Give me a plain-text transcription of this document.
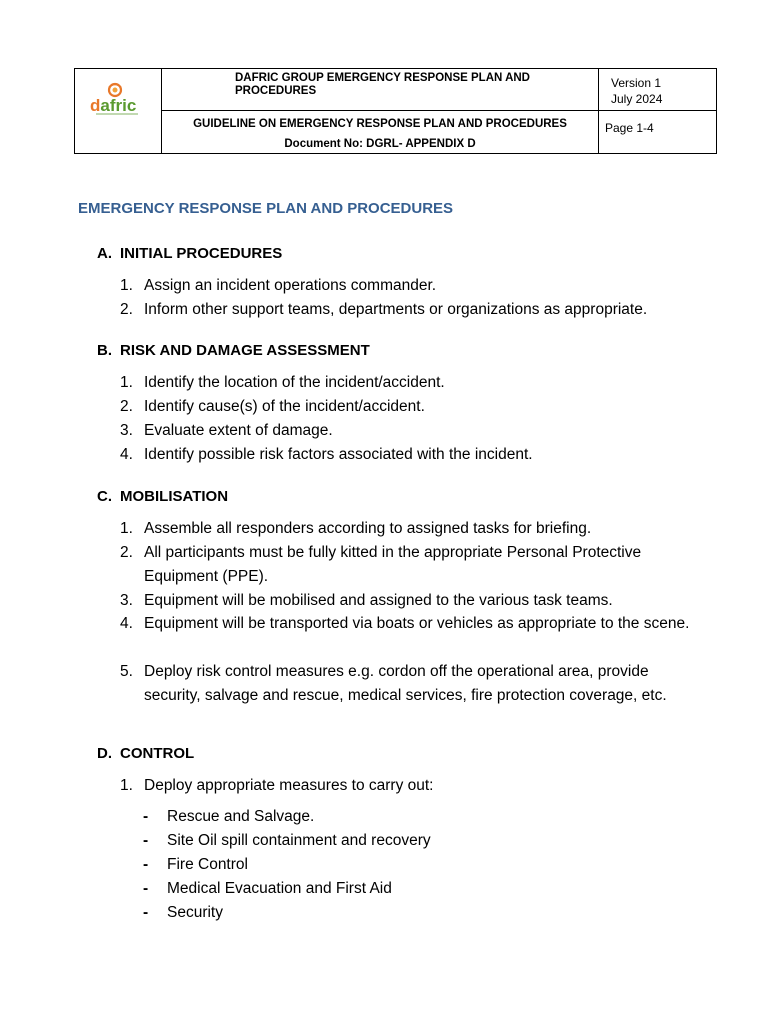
dafric
DAFRIC GROUP EMERGENCY RESPONSE PLAN AND PROCEDURES
GUIDELINE ON EMERGENCY RESPONSE PLAN AND PROCEDURES
Document No: DGRL- APPENDIX D
Version 1
July 2024
Page 1-4
EMERGENCY RESPONSE PLAN AND PROCEDURES
A. INITIAL PROCEDURES
1. Assign an incident operations commander.
2. Inform other support teams, departments or organizations as appropriate.
B. RISK AND DAMAGE ASSESSMENT
1. Identify the location of the incident/accident.
2. Identify cause(s) of the incident/accident.
3. Evaluate extent of damage.
4. Identify possible risk factors associated with the incident.
C. MOBILISATION
1. Assemble all responders according to assigned tasks for briefing.
2. All participants must be fully kitted in the appropriate Personal Protective Equipment (PPE).
3. Equipment will be mobilised and assigned to the various task teams.
4. Equipment will be transported via boats or vehicles as appropriate to the scene.
5. Deploy risk control measures e.g. cordon off the operational area, provide security, salvage and rescue, medical services, fire protection coverage, etc.
D. CONTROL
1. Deploy appropriate measures to carry out:
- Rescue and Salvage.
- Site Oil spill containment and recovery
- Fire Control
- Medical Evacuation and First Aid
- Security
